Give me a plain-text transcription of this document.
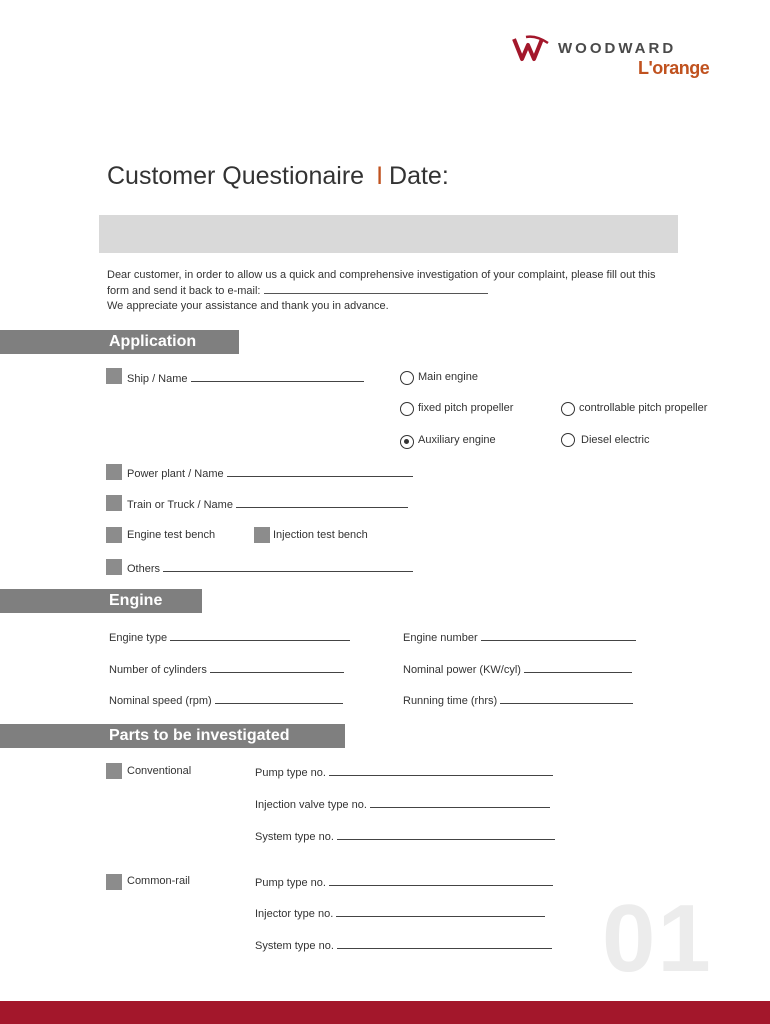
WOODWARD
L'orange
Customer Questionaire I Date:
Dear customer, in order to allow us a quick and comprehensive investigation of your complaint, please fill out this
form and send it back to e-mail:
We appreciate your assistance and thank you in advance.
Application
Ship / Name	Main engine
fixed pitch propeller	controllable pitch propeller
Auxiliary engine	Diesel electric
Power plant / Name
Train or Truck / Name
Engine test bench	Injection test bench
Others
Engine
Engine type	Engine number
Number of cylinders	Nominal power (KW/cyl)
Nominal speed (rpm)	Running time (rhrs)
Parts to be investigated
Conventional	Pump type no.
Injection valve type no.
System type no.
Common-rail	Pump type no.
Injector type no.
System type no.	01
